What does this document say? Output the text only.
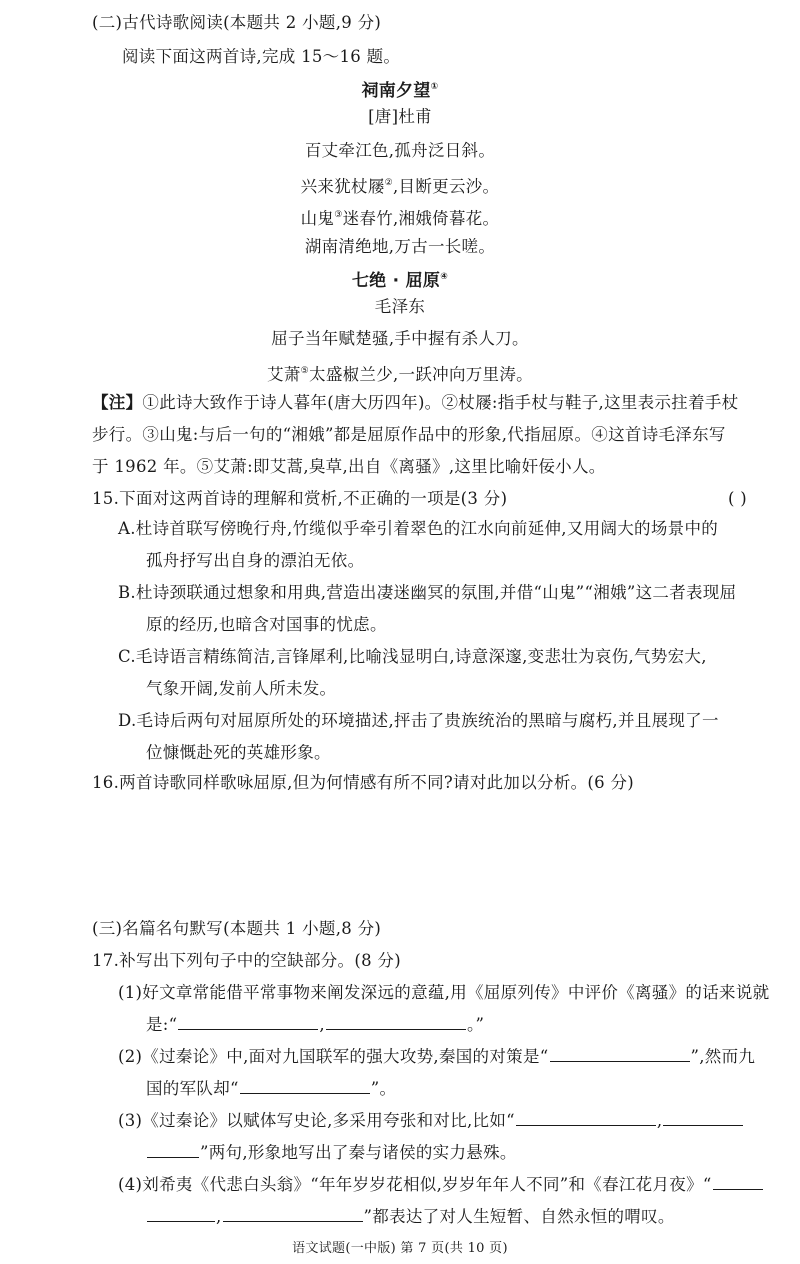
(二)古代诗歌阅读(本题共 2 小题,9 分)
阅读下面这两首诗,完成 15～16 题。
祠南夕望①
[唐]杜甫
百丈牵江色,孤舟泛日斜。
兴来犹杖屦②,目断更云沙。
山鬼③迷春竹,湘娥倚暮花。
湖南清绝地,万古一长嗟。
七绝 · 屈原④
毛泽东
屈子当年赋楚骚,手中握有杀人刀。
艾萧⑤太盛椒兰少,一跃冲向万里涛。
【注】①此诗大致作于诗人暮年(唐大历四年)。②杖屦:指手杖与鞋子,这里表示拄着手杖
步行。③山鬼:与后一句的“湘娥”都是屈原作品中的形象,代指屈原。④这首诗毛泽东写
于 1962 年。⑤艾萧:即艾蒿,臭草,出自《离骚》,这里比喻奸佞小人。
15.下面对这两首诗的理解和赏析,不正确的一项是(3 分)	( )
A.杜诗首联写傍晚行舟,竹缆似乎牵引着翠色的江水向前延伸,又用阔大的场景中的
孤舟抒写出自身的漂泊无依。
B.杜诗颈联通过想象和用典,营造出凄迷幽冥的氛围,并借“山鬼”“湘娥”这二者表现屈
原的经历,也暗含对国事的忧虑。
C.毛诗语言精练简洁,言锋犀利,比喻浅显明白,诗意深邃,变悲壮为哀伤,气势宏大,
气象开阔,发前人所未发。
D.毛诗后两句对屈原所处的环境描述,抨击了贵族统治的黑暗与腐朽,并且展现了一
位慷慨赴死的英雄形象。
16.两首诗歌同样歌咏屈原,但为何情感有所不同?请对此加以分析。(6 分)
(三)名篇名句默写(本题共 1 小题,8 分)
17.补写出下列句子中的空缺部分。(8 分)
(1)好文章常能借平常事物来阐发深远的意蕴,用《屈原列传》中评价《离骚》的话来说就
是:“	,	。”
(2)《过秦论》中,面对九国联军的强大攻势,秦国的对策是“	”,然而九
国的军队却“	”。
(3)《过秦论》以赋体写史论,多采用夸张和对比,比如“	,
”两句,形象地写出了秦与诸侯的实力悬殊。
(4)刘希夷《代悲白头翁》“年年岁岁花相似,岁岁年年人不同”和《春江花月夜》“
,	”都表达了对人生短暂、自然永恒的喟叹。
语文试题(一中版) 第 7 页(共 10 页)
